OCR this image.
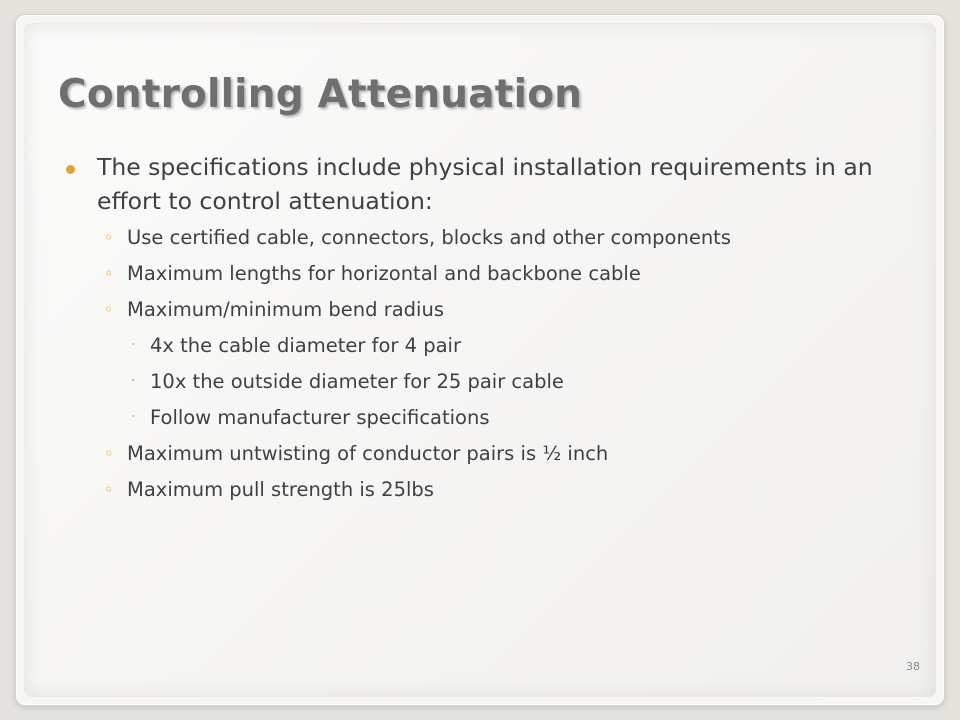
Controlling Attenuation
The specifications include physical installation requirements in an effort to control attenuation:
◦ Use certified cable, connectors, blocks and other components
◦ Maximum lengths for horizontal and backbone cable
◦ Maximum/minimum bend radius
· 4x the cable diameter for 4 pair
· 10x the outside diameter for 25 pair cable
· Follow manufacturer specifications
◦ Maximum untwisting of conductor pairs is ½ inch
◦ Maximum pull strength is 25lbs
38
